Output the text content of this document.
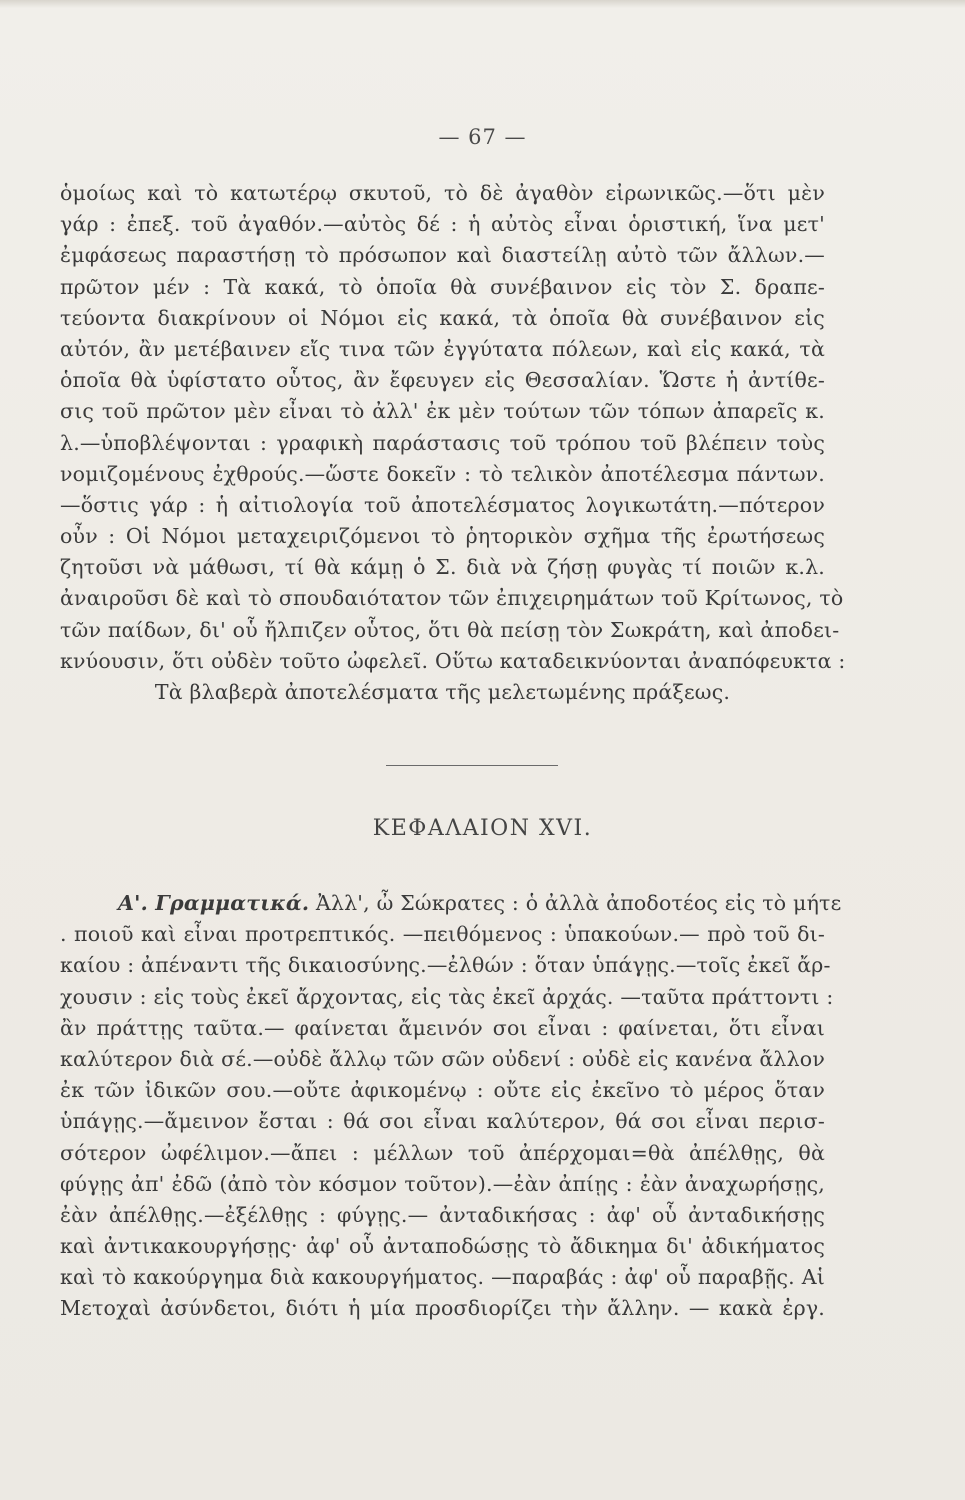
— 67 —
ὁμοίως καὶ τὸ κατωτέρῳ σκυτοῦ, τὸ δὲ ἀγαθὸν εἰρωνικῶς.—ὅτι μὲν
γάρ : ἐπεξ. τοῦ ἀγαθόν.—αὐτὸς δέ : ἡ αὐτὸς εἶναι ὁριστική, ἵνα μετ'
ἐμφάσεως παραστήσῃ τὸ πρόσωπον καὶ διαστείλῃ αὐτὸ τῶν ἄλλων.—
πρῶτον μέν : Τὰ κακά, τὸ ὁποῖα θὰ συνέβαινον εἰς τὸν Σ. δραπε-
τεύοντα διακρίνουν οἱ Νόμοι εἰς κακά, τὰ ὁποῖα θὰ συνέβαινον εἰς
αὐτόν, ἂν μετέβαινεν εἴς τινα τῶν ἐγγύτατα πόλεων, καὶ εἰς κακά, τὰ
ὁποῖα θὰ ὑφίστατο οὗτος, ἂν ἔφευγεν εἰς Θεσσαλίαν. Ὥστε ἡ ἀντίθε-
σις τοῦ πρῶτον μὲν εἶναι τὸ ἀλλ' ἐκ μὲν τούτων τῶν τόπων ἀπαρεῖς κ.
λ.—ὑποβλέψονται : γραφικὴ παράστασις τοῦ τρόπου τοῦ βλέπειν τοὺς
νομιζομένους ἐχθρούς.—ὥστε δοκεῖν : τὸ τελικὸν ἀποτέλεσμα πάντων.
—ὅστις γάρ : ἡ αἰτιολογία τοῦ ἀποτελέσματος λογικωτάτη.—πότερον
οὖν : Οἱ Νόμοι μεταχειριζόμενοι τὸ ῥητορικὸν σχῆμα τῆς ἐρωτήσεως
ζητοῦσι νὰ μάθωσι, τί θὰ κάμῃ ὁ Σ. διὰ νὰ ζήσῃ φυγὰς τί ποιῶν κ.λ.
ἀναιροῦσι δὲ καὶ τὸ σπουδαιότατον τῶν ἐπιχειρημάτων τοῦ Κρίτωνος, τὸ
τῶν παίδων, δι' οὗ ἤλπιζεν οὗτος, ὅτι θὰ πείσῃ τὸν Σωκράτη, καὶ ἀποδει-
κνύουσιν, ὅτι οὐδὲν τοῦτο ὠφελεῖ. Οὕτω καταδεικνύονται ἀναπόφευκτα :
Τὰ βλαβερὰ ἀποτελέσματα τῆς μελετωμένης πράξεως.
ΚΕΦΑΛΑΙΟΝ XVI.
Α'. Γραμματικά. Ἀλλ', ὦ Σώκρατες : ὁ ἀλλὰ ἀποδοτέος εἰς τὸ μήτε
. ποιοῦ καὶ εἶναι προτρεπτικός. —πειθόμενος : ὑπακούων.— πρὸ τοῦ δι-
καίου : ἀπέναντι τῆς δικαιοσύνης.—ἐλθών : ὅταν ὑπάγῃς.—τοῖς ἐκεῖ ἄρ-
χουσιν : εἰς τοὺς ἐκεῖ ἄρχοντας, εἰς τὰς ἐκεῖ ἀρχάς. —ταῦτα πράττοντι :
ἂν πράττῃς ταῦτα.— φαίνεται ἄμεινόν σοι εἶναι : φαίνεται, ὅτι εἶναι
καλύτερον διὰ σέ.—οὐδὲ ἄλλῳ τῶν σῶν οὐδενί : οὐδὲ εἰς κανένα ἄλλον
ἐκ τῶν ἰδικῶν σου.—οὔτε ἀφικομένῳ : οὔτε εἰς ἐκεῖνο τὸ μέρος ὅταν
ὑπάγῃς.—ἄμεινον ἔσται : θά σοι εἶναι καλύτερον, θά σοι εἶναι περισ-
σότερον ὠφέλιμον.—ἄπει : μέλλων τοῦ ἀπέρχομαι=θὰ ἀπέλθῃς, θὰ
φύγῃς ἀπ' ἐδῶ (ἀπὸ τὸν κόσμον τοῦτον).—ἐὰν ἀπίῃς : ἐὰν ἀναχωρήσῃς,
ἐὰν ἀπέλθῃς.—ἐξέλθῃς : φύγῃς.— ἀνταδικήσας : ἀφ' οὗ ἀνταδικήσῃς
καὶ ἀντικακουργήσῃς· ἀφ' οὗ ἀνταποδώσῃς τὸ ἄδικημα δι' ἀδικήματος
καὶ τὸ κακούργημα διὰ κακουργήματος. —παραβάς : ἀφ' οὗ παραβῇς. Αἱ
Μετοχαὶ ἀσύνδετοι, διότι ἡ μία προσδιορίζει τὴν ἄλλην. — κακὰ ἐργ.
